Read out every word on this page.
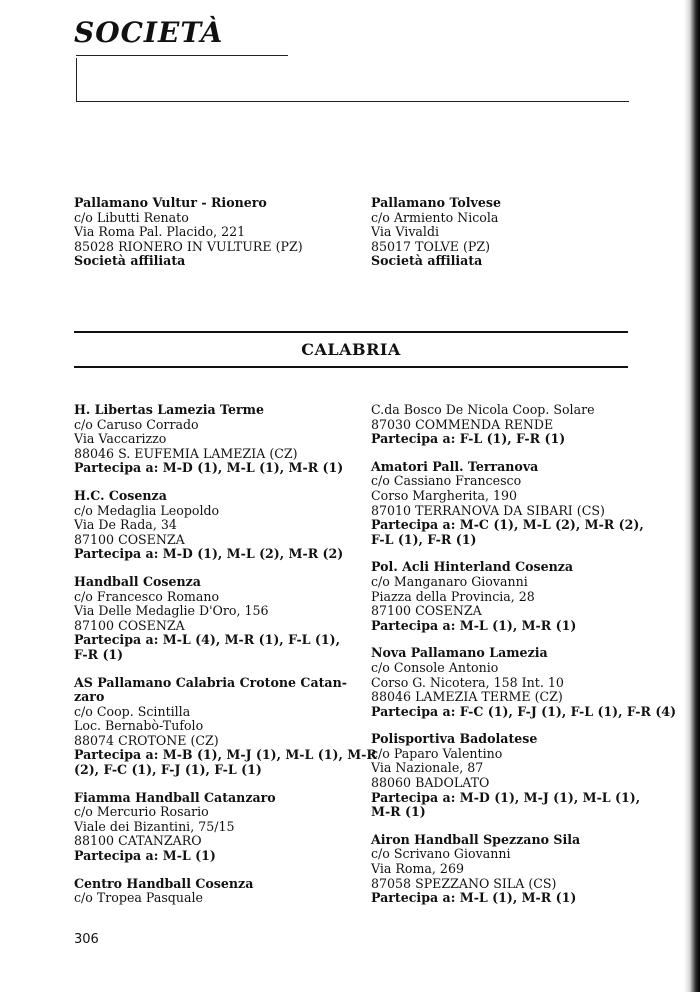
SOCIETÀ
Pallamano Vultur - Rionero
c/o Libutti Renato
Via Roma Pal. Placido, 221
85028 RIONERO IN VULTURE (PZ)
Società affiliata
Pallamano Tolvese
c/o Armiento Nicola
Via Vivaldi
85017 TOLVE (PZ)
Società affiliata
CALABRIA
H. Libertas Lamezia Terme
c/o Caruso Corrado
Via Vaccarizzo
88046 S. EUFEMIA LAMEZIA (CZ)
Partecipa a: M-D (1), M-L (1), M-R (1)
H.C. Cosenza
c/o Medaglia Leopoldo
Via De Rada, 34
87100 COSENZA
Partecipa a: M-D (1), M-L (2), M-R (2)
Handball Cosenza
c/o Francesco Romano
Via Delle Medaglie D'Oro, 156
87100 COSENZA
Partecipa a: M-L (4), M-R (1), F-L (1),
F-R (1)
AS Pallamano Calabria Crotone Catan-
zaro
c/o Coop. Scintilla
Loc. Bernabò-Tufolo
88074 CROTONE (CZ)
Partecipa a: M-B (1), M-J (1), M-L (1), M-R
(2), F-C (1), F-J (1), F-L (1)
Fiamma Handball Catanzaro
c/o Mercurio Rosario
Viale dei Bizantini, 75/15
88100 CATANZARO
Partecipa a: M-L (1)
Centro Handball Cosenza
c/o Tropea Pasquale
C.da Bosco De Nicola Coop. Solare
87030 COMMENDA RENDE
Partecipa a: F-L (1), F-R (1)
Amatori Pall. Terranova
c/o Cassiano Francesco
Corso Margherita, 190
87010 TERRANOVA DA SIBARI (CS)
Partecipa a: M-C (1), M-L (2), M-R (2),
F-L (1), F-R (1)
Pol. Acli Hinterland Cosenza
c/o Manganaro Giovanni
Piazza della Provincia, 28
87100 COSENZA
Partecipa a: M-L (1), M-R (1)
Nova Pallamano Lamezia
c/o Console Antonio
Corso G. Nicotera, 158 Int. 10
88046 LAMEZIA TERME (CZ)
Partecipa a: F-C (1), F-J (1), F-L (1), F-R (4)
Polisportiva Badolatese
c/o Paparo Valentino
Via Nazionale, 87
88060 BADOLATO
Partecipa a: M-D (1), M-J (1), M-L (1),
M-R (1)
Airon Handball Spezzano Sila
c/o Scrivano Giovanni
Via Roma, 269
87058 SPEZZANO SILA (CS)
Partecipa a: M-L (1), M-R (1)
306
